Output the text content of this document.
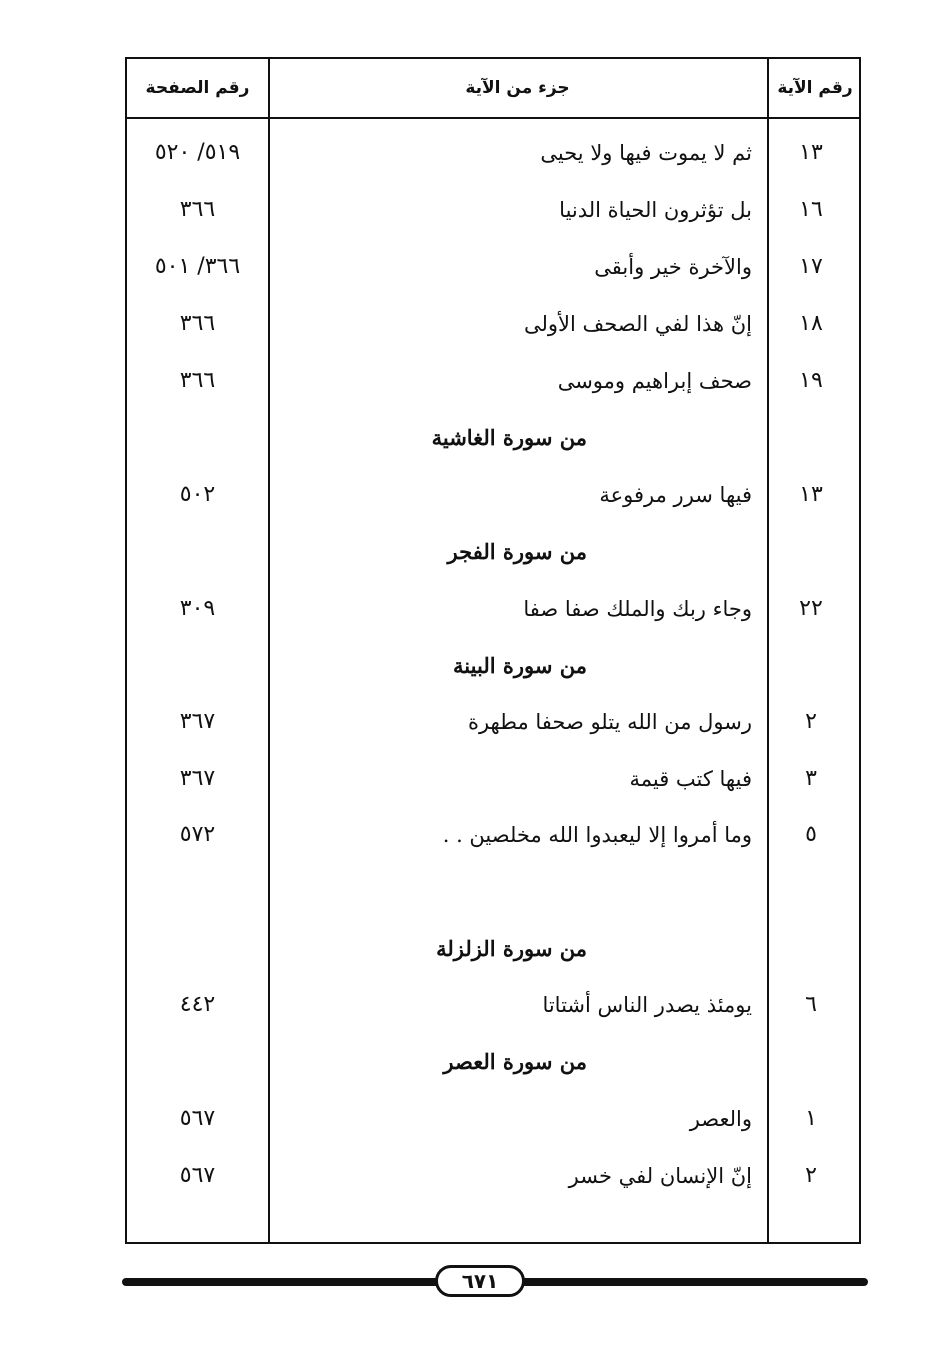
رقم الصفحة	جزء من الآية	رقم الآية
١٣
ثم لا يموت فيها ولا يحيى
٥١٩/ ٥٢٠
١٦
بل تؤثرون الحياة الدنيا
٣٦٦
١٧
والآخرة خير وأبقى
٣٦٦/ ٥٠١
١٨
إنّ هذا لفي الصحف الأولى
٣٦٦
١٩
صحف إبراهيم وموسى
٣٦٦
من سورة الغاشية
١٣
فيها سرر مرفوعة
٥٠٢
من سورة الفجر
٢٢
وجاء ربك والملك صفا صفا
٣٠٩
من سورة البينة
٢
رسول من الله يتلو صحفا مطهرة
٣٦٧
٣
فيها كتب قيمة
٣٦٧
٥
وما أمروا إلا ليعبدوا الله مخلصين . .
٥٧٢
من سورة الزلزلة
٦
يومئذ يصدر الناس أشتاتا
٤٤٢
من سورة العصر
١
والعصر
٥٦٧
٢
إنّ الإنسان لفي خسر
٥٦٧
٦٧١
